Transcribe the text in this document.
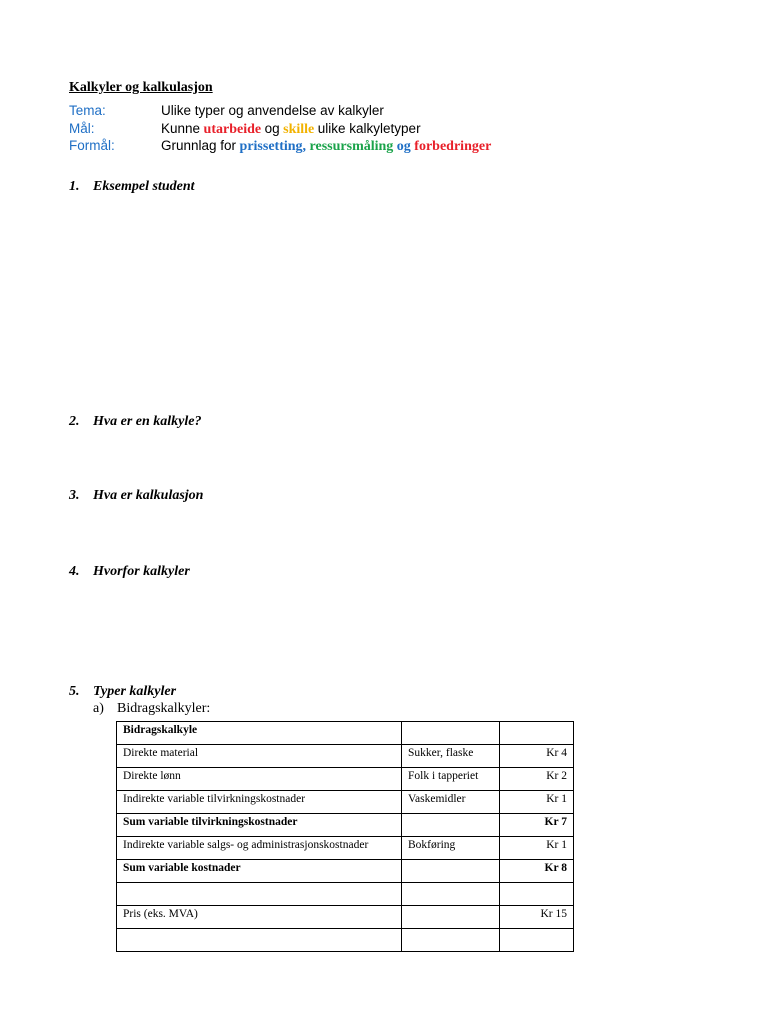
Kalkyler og kalkulasjon
Tema:	Ulike typer og anvendelse av kalkyler
Mål:	Kunne utarbeide og skille ulike kalkyletyper
Formål:	Grunnlag for prissetting, ressursmåling og forbedringer
1. Eksempel student
2. Hva er en kalkyle?
3. Hva er kalkulasjon
4. Hvorfor kalkyler
5. Typer kalkyler
a) Bidragskalkyler:
Bidragskalkyle		
Direkte material	Sukker, flaske	Kr 4
Direkte lønn	Folk i tapperiet	Kr 2
Indirekte variable tilvirkningskostnader	Vaskemidler	Kr 1
Sum variable tilvirkningskostnader		Kr 7

Indirekte variable salgs- og administrasjonskostnader	Bokføring	Kr 1
Sum variable kostnader		Kr 8

Pris (eks. MVA)		Kr 15
